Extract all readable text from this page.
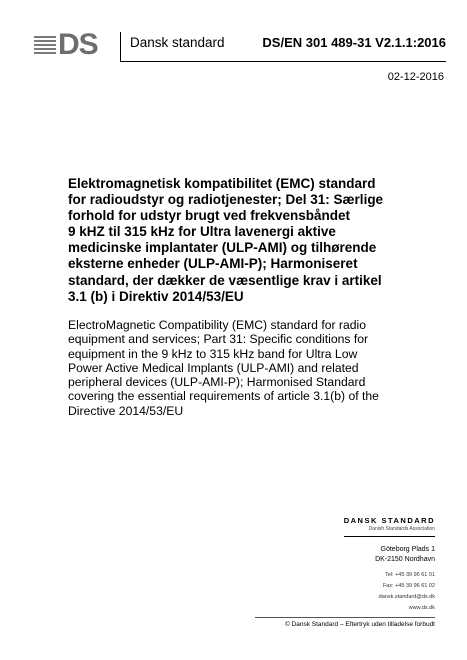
DS Dansk standard	DS/EN 301 489-31 V2.1.1:2016
02-12-2016
Elektromagnetisk kompatibilitet (EMC) standard
for radioudstyr og radiotjenester; Del 31: Særlige
forhold for udstyr brugt ved frekvensbåndet
9 kHZ til 315 kHz for Ultra lavenergi aktive
medicinske implantater (ULP-AMI) og tilhørende
eksterne enheder (ULP-AMI-P); Harmoniseret
standard, der dækker de væsentlige krav i artikel
3.1 (b) i Direktiv 2014/53/EU
ElectroMagnetic Compatibility (EMC) standard for radio
equipment and services; Part 31: Specific conditions for
equipment in the 9 kHz to 315 kHz band for Ultra Low
Power Active Medical Implants (ULP-AMI) and related
peripheral devices (ULP-AMI-P); Harmonised Standard
covering the essential requirements of article 3.1(b) of the
Directive 2014/53/EU
DANSK STANDARD
Danish Standards Association
Göteborg Plads 1
DK-2150 Nordhavn
Tel: +45 39 96 61 01
Fax: +45 39 96 61 02
dansk.standard@ds.dk
www.ds.dk
© Dansk Standard – Eftertryk uden tilladelse forbudt
